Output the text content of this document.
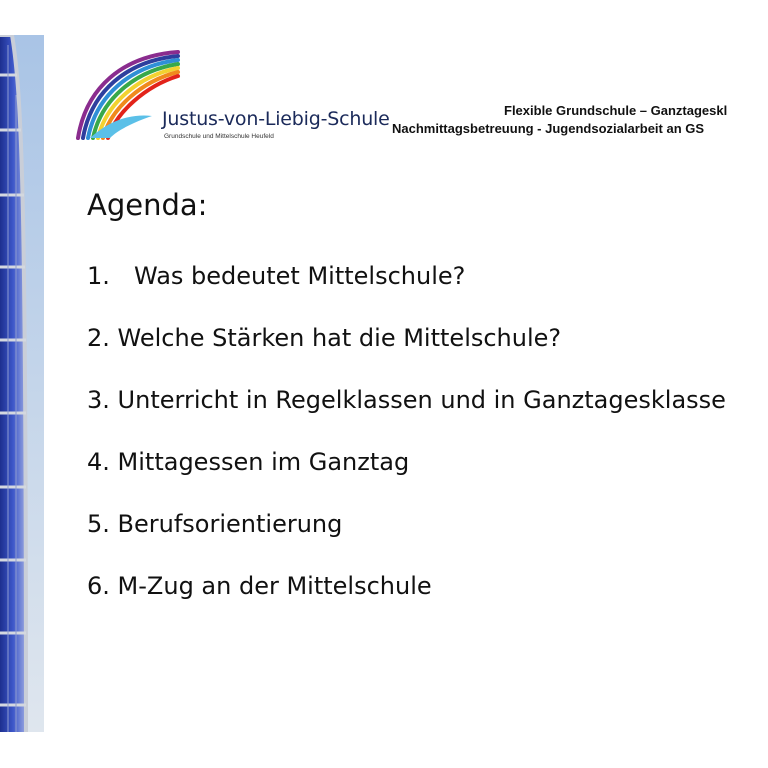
Justus-von-Liebig-Schule
Grundschule und Mittelschule Heufeld
Flexible Grundschule – Ganztageskl
Nachmittagsbetreuung - Jugendsozialarbeit an GS
Agenda:
1. Was bedeutet Mittelschule?
2. Welche Stärken hat die Mittelschule?
3. Unterricht in Regelklassen und in Ganztagesklasse
4. Mittagessen im Ganztag
5. Berufsorientierung
6. M-Zug an der Mittelschule
